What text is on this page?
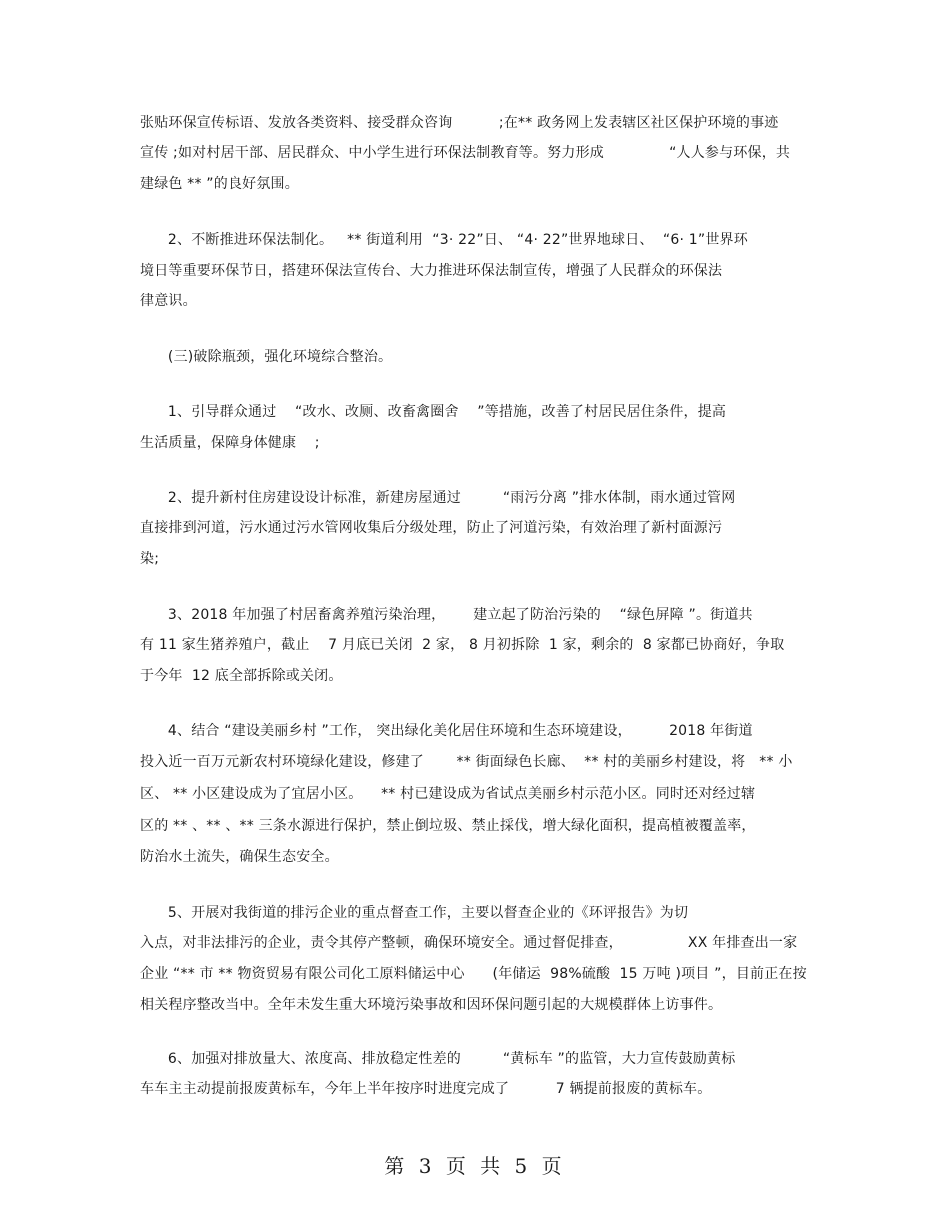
张贴环保宣传标语、发放各类资料、接受群众咨询          ;在** 政务网上发表辖区社区保护环境的事迹
宣传 ;如对村居干部、居民群众、中小学生进行环保法制教育等。努力形成              “人人参与环保，共
建绿色 ** ”的良好氛围。
2、不断推进环保法制化。   ** 街道利用  “3· 22”日、 “4· 22”世界地球日、  “6· 1”世界环
境日等重要环保节日，搭建环保法宣传台、大力推进环保法制宣传，增强了人民群众的环保法
律意识。
(三)破除瓶颈，强化环境综合整治。
1、引导群众通过    “改水、改厕、改畜禽圈舍    ”等措施，改善了村居民居住条件，提高
生活质量，保障身体健康    ;
2、提升新村住房建设设计标准，新建房屋通过         “雨污分离 ”排水体制，雨水通过管网
直接排到河道，污水通过污水管网收集后分级处理，防止了河道污染，有效治理了新村面源污
染;
3、2018 年加强了村居畜禽养殖污染治理，      建立起了防治污染的    “绿色屏障 ”。街道共
有 11 家生猪养殖户，截止    7 月底已关闭  2 家， 8 月初拆除  1 家，剩余的  8 家都已协商好，争取
于今年  12 底全部拆除或关闭。
4、结合 “建设美丽乡村 ”工作， 突出绿化美化居住环境和生态环境建设，        2018 年街道
投入近一百万元新农村环境绿化建设，修建了       ** 街面绿色长廊、  ** 村的美丽乡村建设，将   ** 小
区、 ** 小区建设成为了宜居小区。    ** 村已建设成为省试点美丽乡村示范小区。同时还对经过辖
区的 ** 、** 、** 三条水源进行保护，禁止倒垃圾、禁止採伐，增大绿化面积，提高植被覆盖率，
防治水土流失，确保生态安全。
5、开展对我街道的排污企业的重点督查工作，主要以督查企业的《环评报告》为切
入点，对非法排污的企业，责令其停产整顿，确保环境安全。通过督促排查，              XX 年排查出一家
企业 “** 市 ** 物资贸易有限公司化工原料储运中心      (年储运  98%硫酸  15 万吨 )项目 ”，目前正在按
相关程序整改当中。全年未发生重大环境污染事故和因环保问题引起的大规模群体上访事件。
6、加强对排放量大、浓度高、排放稳定性差的         “黄标车 ”的监管，大力宣传鼓励黄标
车车主主动提前报废黄标车，今年上半年按序时进度完成了          7 辆提前报废的黄标车。
第 3 页 共 5 页
